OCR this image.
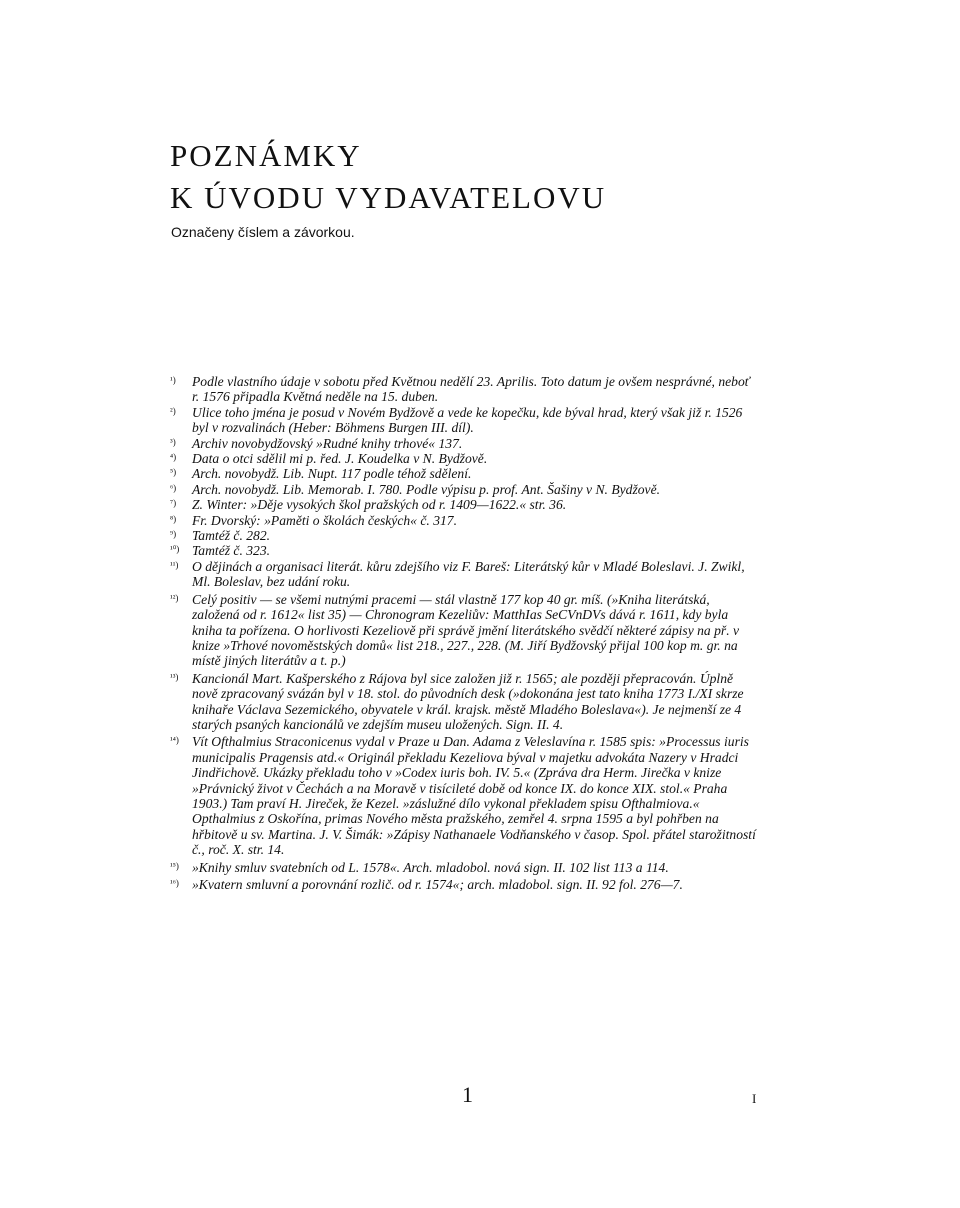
POZNÁMKY
K ÚVODU VYDAVATELOVU

Označeny číslem a závorkou.

¹) Podle vlastního údaje v sobotu před Květnou nedělí 23. Aprilis. Toto datum je ovšem nesprávné, neboť r. 1576 připadla Květná neděle na 15. duben.
²) Ulice toho jména je posud v Novém Bydžově a vede ke kopečku, kde býval hrad, který však již r. 1526 byl v rozvalinách (Heber: Böhmens Burgen III. díl).
³) Archiv novobydžovský »Rudné knihy trhové« 137.
⁴) Data o otci sdělil mi p. řed. J. Koudelka v N. Bydžově.
⁵) Arch. novobydž. Lib. Nupt. 117 podle téhož sdělení.
⁶) Arch. novobydž. Lib. Memorab. I. 780. Podle výpisu p. prof. Ant. Šašiny v N. Bydžově.
⁷) Z. Winter: »Děje vysokých škol pražských od r. 1409—1622.« str. 36.
⁸) Fr. Dvorský: »Paměti o školách českých« č. 317.
⁹) Tamtéž č. 282.
¹⁰) Tamtéž č. 323.
¹¹) O dějinách a organisaci literát. kůru zdejšího viz F. Bareš: Literátský kůr v Mladé Boleslavi. J. Zwikl, Ml. Boleslav, bez udání roku.
¹²) Celý positiv — se všemi nutnými pracemi — stál vlastně 177 kop 40 gr. míš. (»Kniha literátská, založená od r. 1612« list 35) — Chronogram Kezeliův: MatthIas SeCVnDVs dává r. 1611, kdy byla kniha ta pořízena. O horlivosti Kezeliově při správě jmění literátského svědčí některé zápisy na př. v knize »Trhové novoměstských domů« list 218., 227., 228. (M. Jiří Bydžovský přijal 100 kop m. gr. na místě jiných literátův a t. p.)
¹³) Kancionál Mart. Kašperského z Rájova byl sice založen již r. 1565; ale později přepracován. Úplně nově zpracovaný svázán byl v 18. stol. do původních desk (»dokonána jest tato kniha 1773 I./XI skrze knihaře Václava Sezemického, obyvatele v král. krajsk. městě Mladého Boleslava«). Je nejmenší ze 4 starých psaných kancionálů ve zdejším museu uložených. Sign. II. 4.
¹⁴) Vít Ofthalmius Straconicenus vydal v Praze u Dan. Adama z Veleslavína r. 1585 spis: »Processus iuris municipalis Pragensis atd.« Originál překladu Kezeliova býval v majetku advokáta Nazery v Hradci Jindřichově. Ukázky překladu toho v »Codex iuris boh. IV. 5.« (Zpráva dra Herm. Jirečka v knize »Právnický život v Čechách a na Moravě v tisícileté době od konce IX. do konce XIX. stol.« Praha 1903.) Tam praví H. Jireček, že Kezel. »záslužné dílo vykonal překladem spisu Ofthalmiova.« Opthalmius z Oskořína, primas Nového města pražského, zemřel 4. srpna 1595 a byl pohřben na hřbitově u sv. Martina. J. V. Šimák: »Zápisy Nathanaele Vodňanského v časop. Spol. přátel starožitností č., roč. X. str. 14.
¹⁵) »Knihy smluv svatebních od L. 1578«. Arch. mladobol. nová sign. II. 102 list 113 a 114.
¹⁶) »Kvatern smluvní a porovnání rozlič. od r. 1574«; arch. mladobol. sign. II. 92 fol. 276—7.

1	I
